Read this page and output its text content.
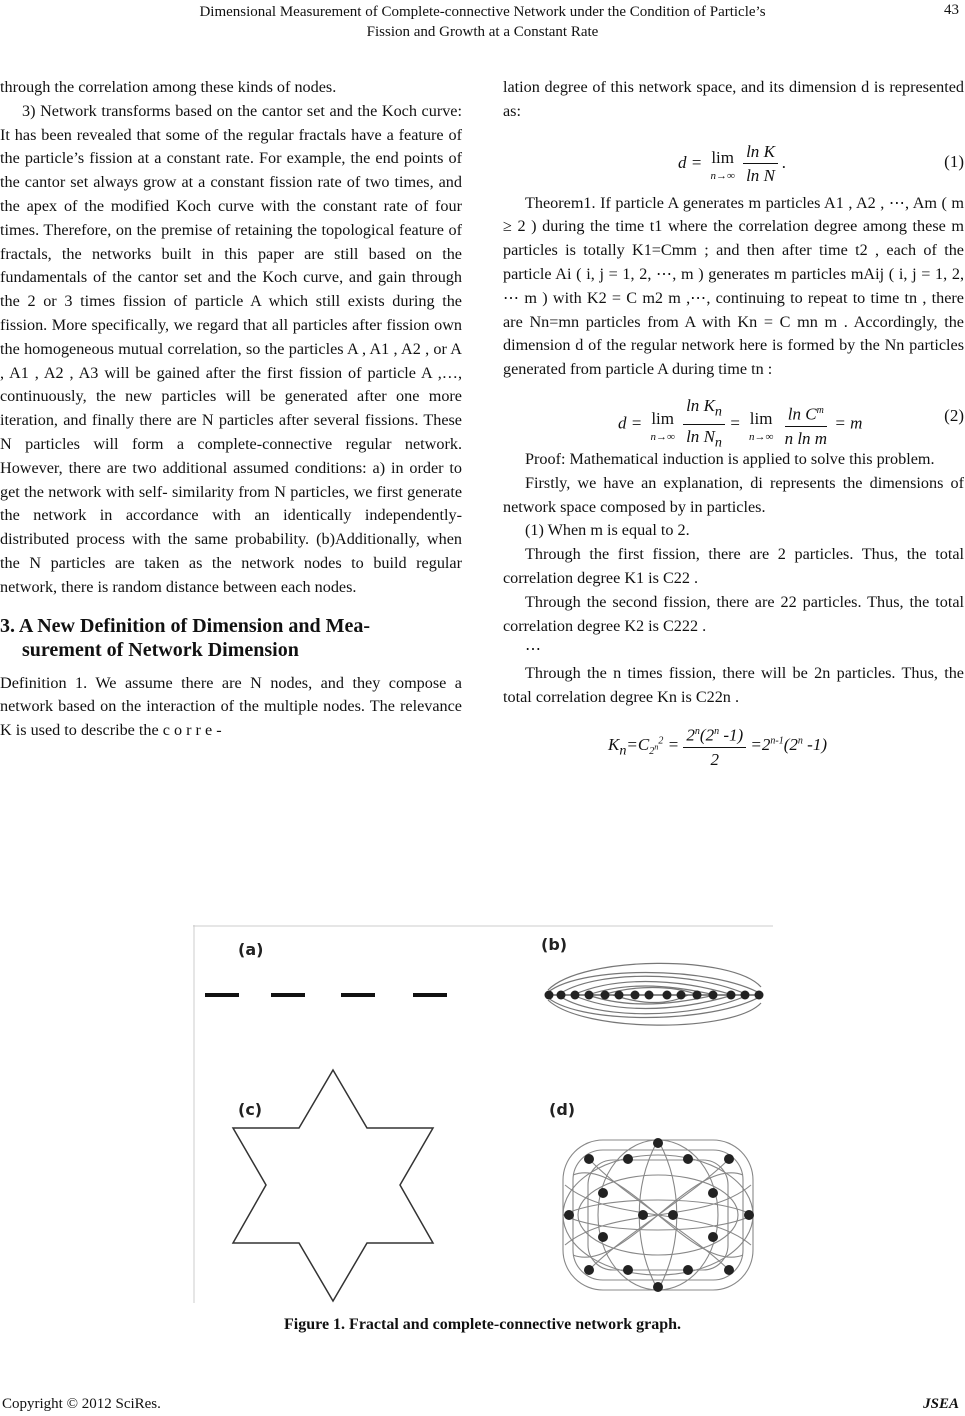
Dimensional Measurement of Complete-connective Network under the Condition of Particle’s
Fission and Growth at a Constant Rate
43

through the correlation among these kinds of nodes.

3) Network transforms based on the cantor set and the Koch curve: It has been revealed that some of the regular fractals have a feature of the particle’s fission at a constant rate. For example, the end points of the cantor set always grow at a constant fission rate of two times, and the apex of the modified Koch curve with the constant rate of four times. Therefore, on the premise of retaining the topological feature of fractals, the networks built in this paper are still based on the fundamentals of the cantor set and the Koch curve, and gain through the 2 or 3 times fission of particle A which still exists during the fission. More specifically, we regard that all particles after fission own the homogeneous mutual correlation, so the particles A , A1 , A2 , or A , A1 , A2 , A3 will be gained after the first fission of particle A ,…, continuously, the new particles will be generated after one more iteration, and finally there are N particles after several fissions. These N particles will form a complete-connective regular network. However, there are two additional assumed conditions: a) in order to get the network with self- similarity from N particles, we first generate the network in accordance with an identically independently-distributed process with the same probability. (b)Additionally, when the N particles are taken as the network nodes to build regular network, there is random distance between each nodes.

3. A New Definition of Dimension and Mea-
surement of Network Dimension

Definition 1. We assume there are N nodes, and they compose a network based on the interaction of the multiple nodes. The relevance K is used to describe the c o r r e -

lation degree of this network space, and its dimension d is represented as:

d = lim
n→∞
$\frac{\text{ln K}}{\text{ln N}}$ .	(1)

Theorem1. If particle A generates m particles A1 , A2 , ⋯, Am ( m ≥ 2 ) during the time t1 where the correlation degree among these m particles is totally K1=Cmm ; and then after time t2 , each of the particle Ai ( i, j = 1, 2, ⋯, m ) generates m particles mAij ( i, j = 1, 2, ⋯ m ) with K2 = C m2 m ,⋯, continuing to repeat to time tn , there are Nn=mn particles from A with Kn = C mn m . Accordingly, the dimension d of the regular network here is formed by the Nn particles generated from particle A during time tn :

d = lim
n→∞
$\frac{\ln K_n}{\ln N_n} = \lim$
n→∞
$\frac{\ln C^m}{\text{n ln m}} = m$	(2)

Proof: Mathematical induction is applied to solve this problem.

Firstly, we have an explanation, di represents the dimensions of network space composed by in particles.

(1) When m is equal to 2.

Through the first fission, there are 2 particles. Thus, the total correlation degree K1 is C22 .

Through the second fission, there are 22 particles. Thus, the total correlation degree K2 is C222 .

⋯

Through the n times fission, there will be 2n particles. Thus, the total correlation degree Kn is C22n .

$K_n=C_{2^n}^2 = \frac{2^n(2^n -1)}{2} =2^{n-1}(2^n$ -1)
(a)	(b)
(c)	(d)
Figure 1. Fractal and complete-connective network graph.
Copyright © 2012 SciRes.	JSEA
